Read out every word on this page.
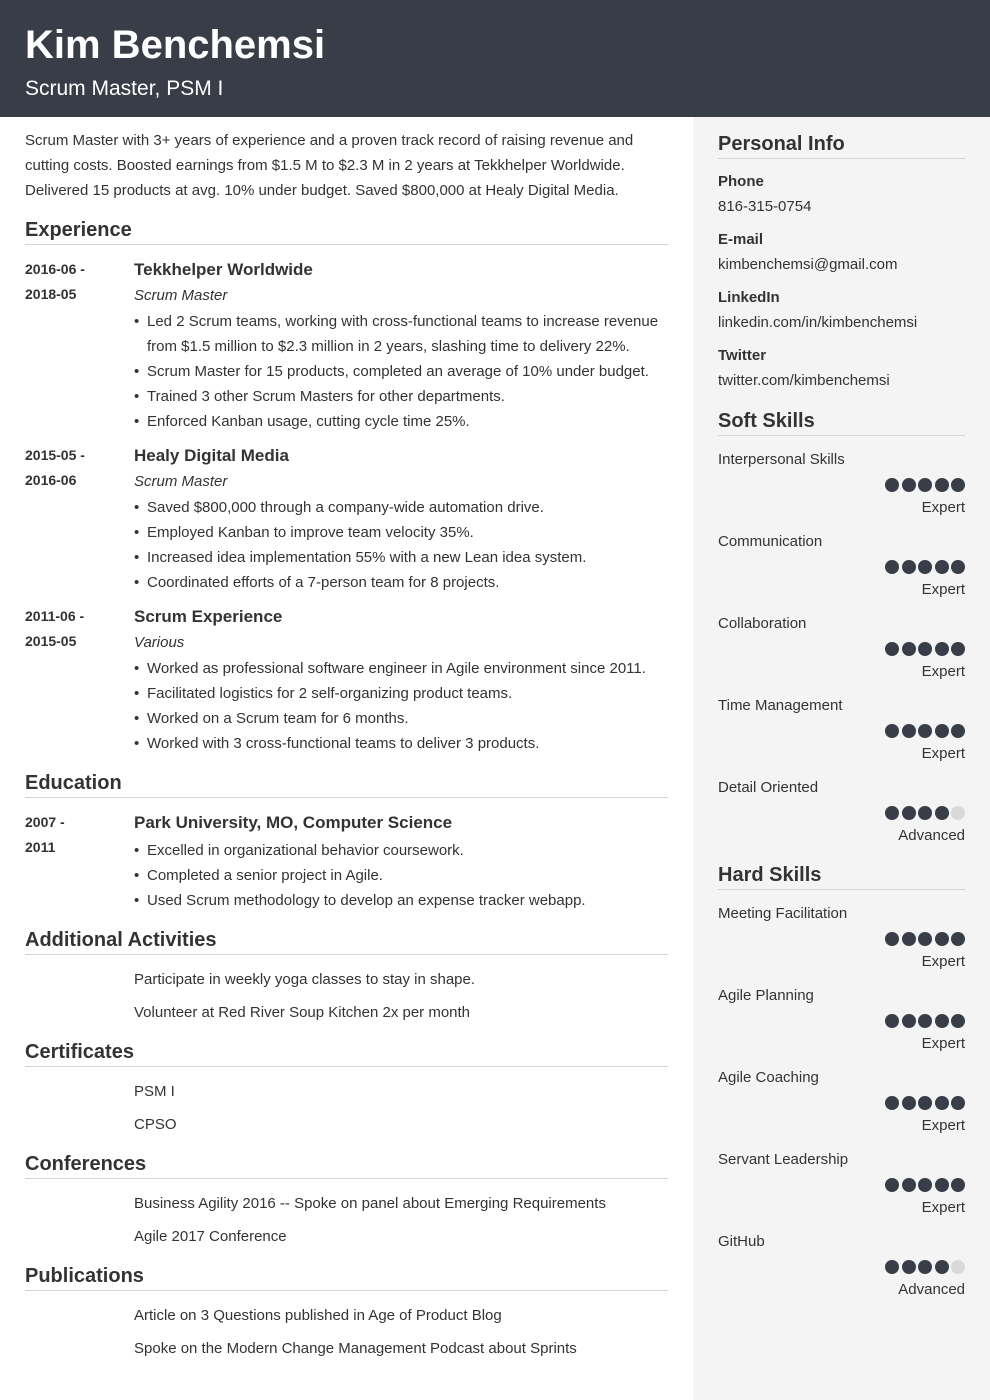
Kim Benchemsi
Scrum Master, PSM I
Scrum Master with 3+ years of experience and a proven track record of raising revenue and cutting costs. Boosted earnings from $1.5 M to $2.3 M in 2 years at Tekkhelper Worldwide. Delivered 15 products at avg. 10% under budget. Saved $800,000 at Healy Digital Media.
Experience
2016-06 -
2018-05
Tekkhelper Worldwide
Scrum Master
• Led 2 Scrum teams, working with cross-functional teams to increase revenue from $1.5 million to $2.3 million in 2 years, slashing time to delivery 22%.
• Scrum Master for 15 products, completed an average of 10% under budget.
• Trained 3 other Scrum Masters for other departments.
• Enforced Kanban usage, cutting cycle time 25%.
2015-05 -
2016-06
Healy Digital Media
Scrum Master
• Saved $800,000 through a company-wide automation drive.
• Employed Kanban to improve team velocity 35%.
• Increased idea implementation 55% with a new Lean idea system.
• Coordinated efforts of a 7-person team for 8 projects.
2011-06 -
2015-05
Scrum Experience
Various
• Worked as professional software engineer in Agile environment since 2011.
• Facilitated logistics for 2 self-organizing product teams.
• Worked on a Scrum team for 6 months.
• Worked with 3 cross-functional teams to deliver 3 products.
Education
2007 -
2011
Park University, MO, Computer Science
• Excelled in organizational behavior coursework.
• Completed a senior project in Agile.
• Used Scrum methodology to develop an expense tracker webapp.
Additional Activities
Participate in weekly yoga classes to stay in shape.
Volunteer at Red River Soup Kitchen 2x per month
Certificates
PSM I
CPSO
Conferences
Business Agility 2016 -- Spoke on panel about Emerging Requirements
Agile 2017 Conference
Publications
Article on 3 Questions published in Age of Product Blog
Spoke on the Modern Change Management Podcast about Sprints
Personal Info
Phone
816-315-0754
E-mail
kimbenchemsi@gmail.com
LinkedIn
linkedin.com/in/kimbenchemsi
Twitter
twitter.com/kimbenchemsi
Soft Skills
Interpersonal Skills
Expert
Communication
Expert
Collaboration
Expert
Time Management
Expert
Detail Oriented
Advanced
Hard Skills
Meeting Facilitation
Expert
Agile Planning
Expert
Agile Coaching
Expert
Servant Leadership
Expert
GitHub
Advanced
